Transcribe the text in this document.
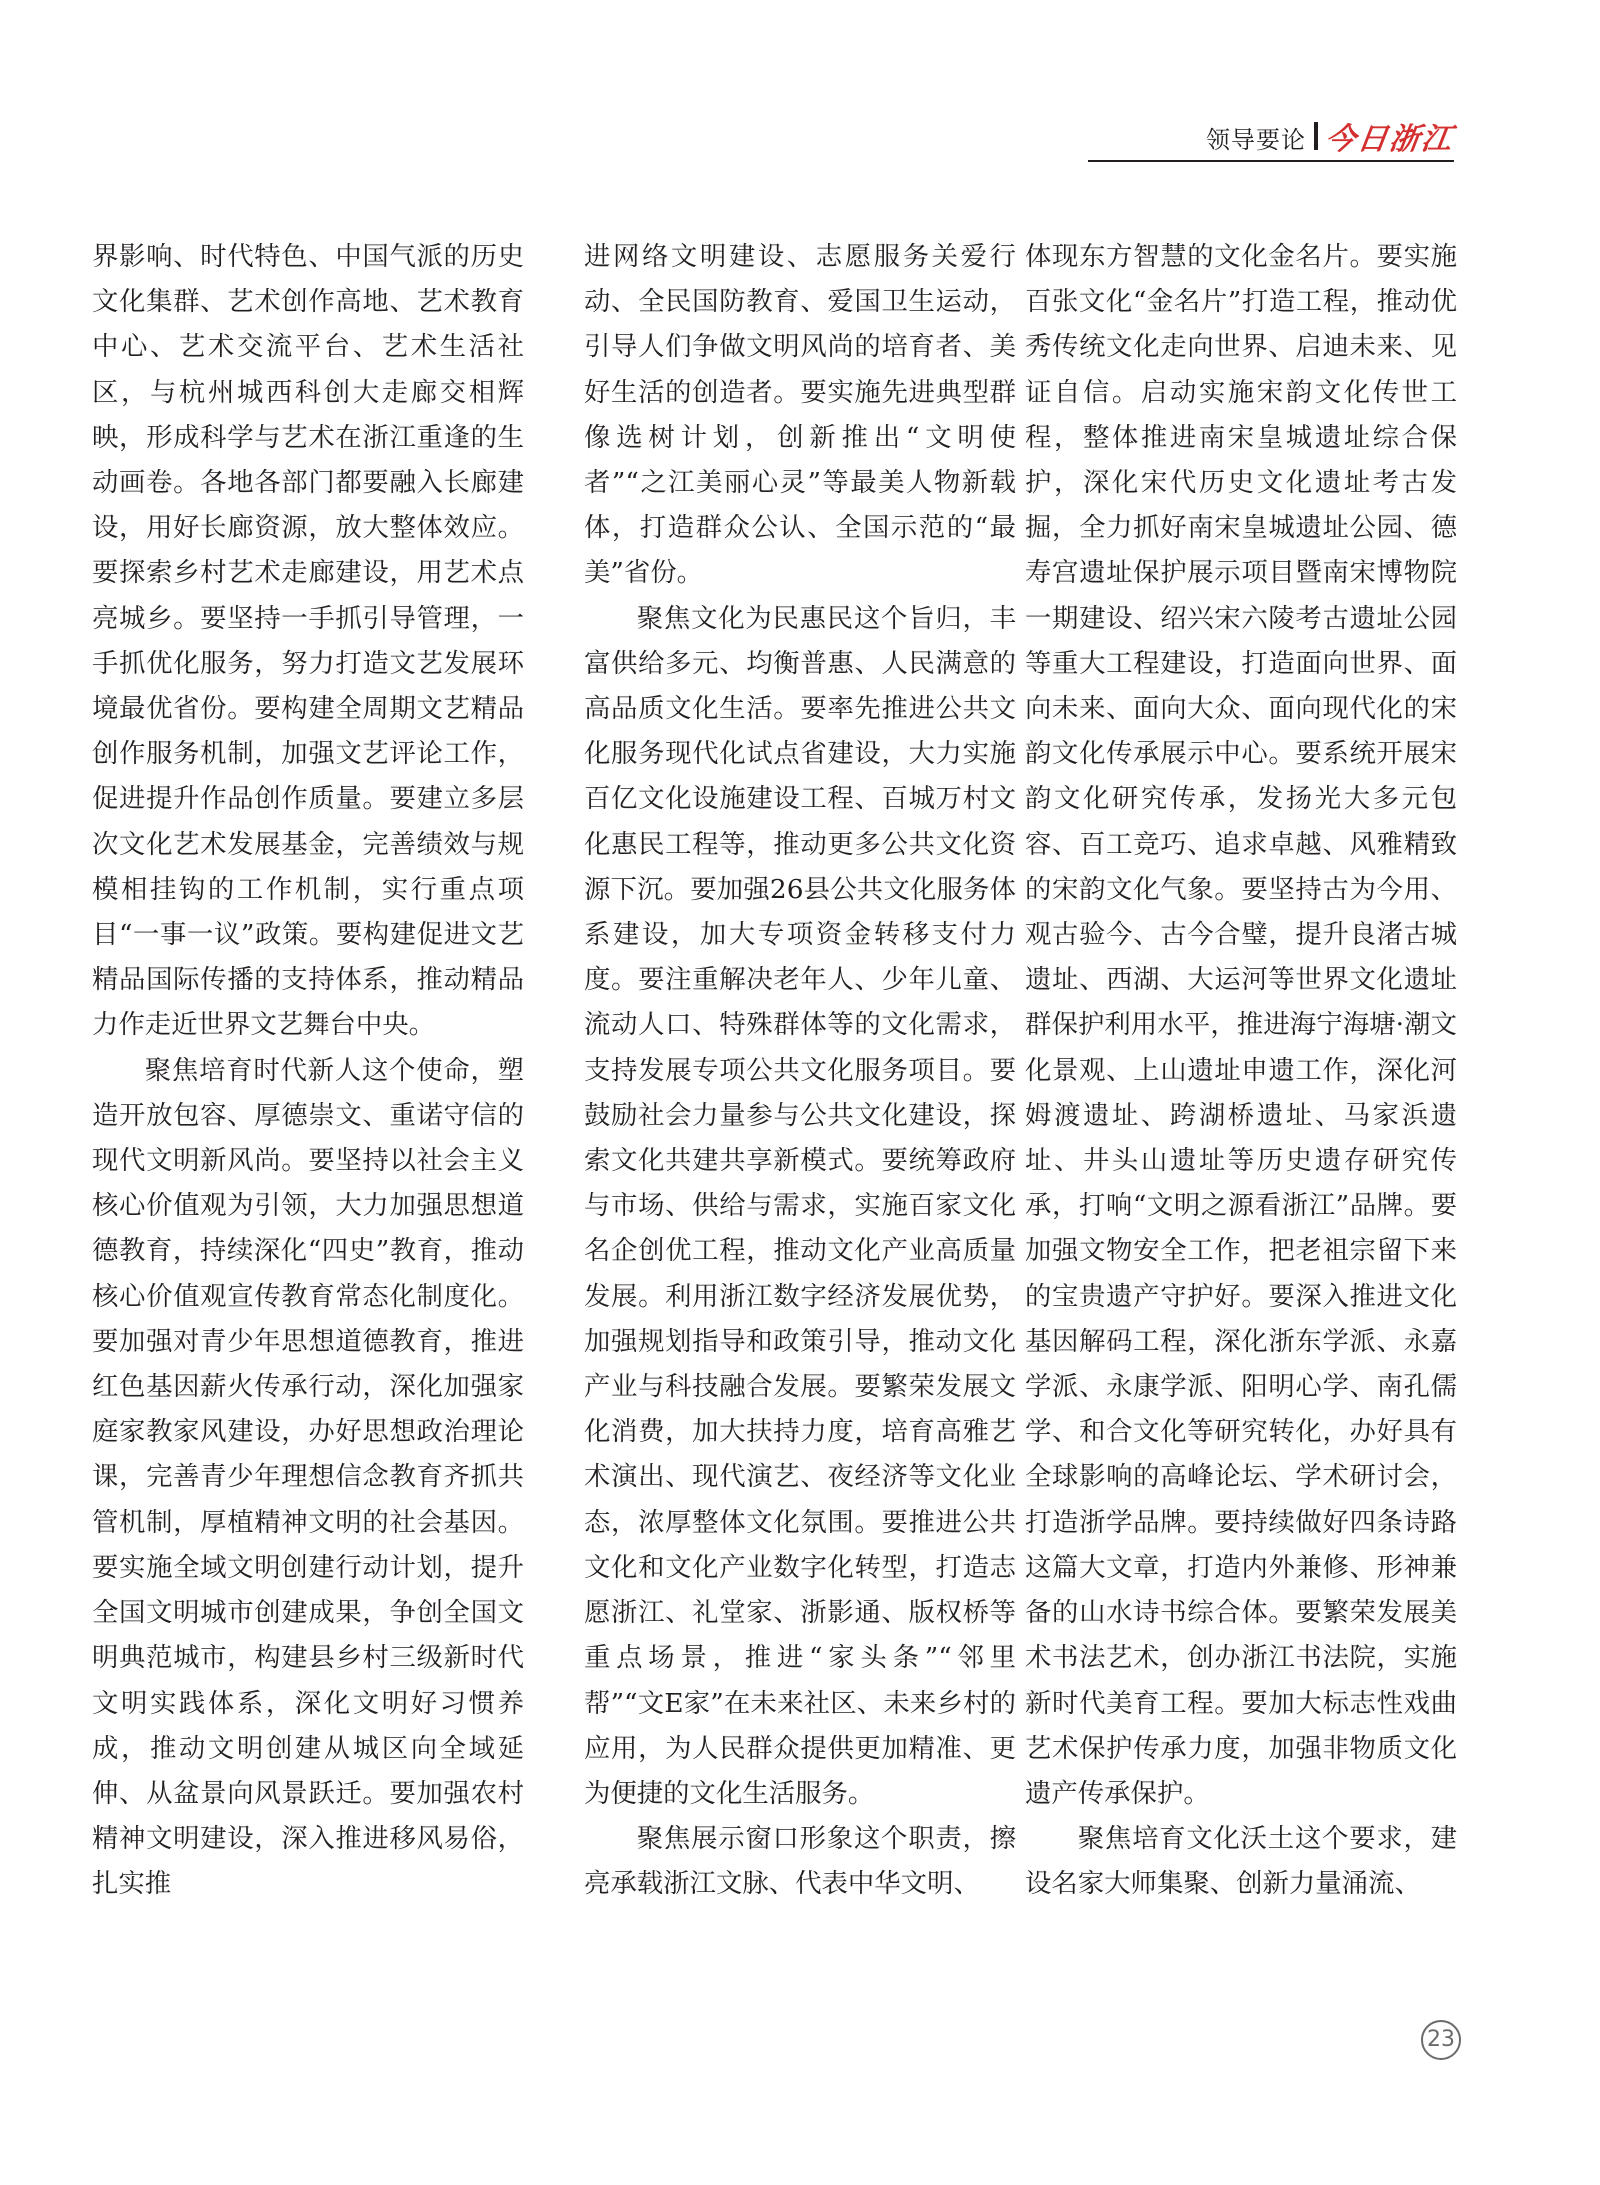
领导要论 今日浙江

界影响、时代特色、中国气派的历史文化集群、艺术创作高地、艺术教育中心、艺术交流平台、艺术生活社区，与杭州城西科创大走廊交相辉映，形成科学与艺术在浙江重逢的生动画卷。各地各部门都要融入长廊建设，用好长廊资源，放大整体效应。要探索乡村艺术走廊建设，用艺术点亮城乡。要坚持一手抓引导管理，一手抓优化服务，努力打造文艺发展环境最优省份。要构建全周期文艺精品创作服务机制，加强文艺评论工作，促进提升作品创作质量。要建立多层次文化艺术发展基金，完善绩效与规模相挂钩的工作机制，实行重点项目“一事一议”政策。要构建促进文艺精品国际传播的支持体系，推动精品力作走近世界文艺舞台中央。

聚焦培育时代新人这个使命，塑造开放包容、厚德崇文、重诺守信的现代文明新风尚。要坚持以社会主义核心价值观为引领，大力加强思想道德教育，持续深化“四史”教育，推动核心价值观宣传教育常态化制度化。要加强对青少年思想道德教育，推进红色基因薪火传承行动，深化加强家庭家教家风建设，办好思想政治理论课，完善青少年理想信念教育齐抓共管机制，厚植精神文明的社会基因。要实施全域文明创建行动计划，提升全国文明城市创建成果，争创全国文明典范城市，构建县乡村三级新时代文明实践体系，深化文明好习惯养成，推动文明创建从城区向全域延伸、从盆景向风景跃迁。要加强农村精神文明建设，深入推进移风易俗，扎实推

进网络文明建设、志愿服务关爱行动、全民国防教育、爱国卫生运动，引导人们争做文明风尚的培育者、美好生活的创造者。要实施先进典型群像选树计划，创新推出“文明使者”“之江美丽心灵”等最美人物新载体，打造群众公认、全国示范的“最美”省份。

聚焦文化为民惠民这个旨归，丰富供给多元、均衡普惠、人民满意的高品质文化生活。要率先推进公共文化服务现代化试点省建设，大力实施百亿文化设施建设工程、百城万村文化惠民工程等，推动更多公共文化资源下沉。要加强26县公共文化服务体系建设，加大专项资金转移支付力度。要注重解决老年人、少年儿童、流动人口、特殊群体等的文化需求，支持发展专项公共文化服务项目。要鼓励社会力量参与公共文化建设，探索文化共建共享新模式。要统筹政府与市场、供给与需求，实施百家文化名企创优工程，推动文化产业高质量发展。利用浙江数字经济发展优势，加强规划指导和政策引导，推动文化产业与科技融合发展。要繁荣发展文化消费，加大扶持力度，培育高雅艺术演出、现代演艺、夜经济等文化业态，浓厚整体文化氛围。要推进公共文化和文化产业数字化转型，打造志愿浙江、礼堂家、浙影通、版权桥等重点场景，推进“家头条”“邻里帮”“文E家”在未来社区、未来乡村的应用，为人民群众提供更加精准、更为便捷的文化生活服务。

聚焦展示窗口形象这个职责，擦亮承载浙江文脉、代表中华文明、

体现东方智慧的文化金名片。要实施百张文化“金名片”打造工程，推动优秀传统文化走向世界、启迪未来、见证自信。启动实施宋韵文化传世工程，整体推进南宋皇城遗址综合保护，深化宋代历史文化遗址考古发掘，全力抓好南宋皇城遗址公园、德寿宫遗址保护展示项目暨南宋博物院一期建设、绍兴宋六陵考古遗址公园等重大工程建设，打造面向世界、面向未来、面向大众、面向现代化的宋韵文化传承展示中心。要系统开展宋韵文化研究传承，发扬光大多元包容、百工竞巧、追求卓越、风雅精致的宋韵文化气象。要坚持古为今用、观古验今、古今合璧，提升良渚古城遗址、西湖、大运河等世界文化遗址群保护利用水平，推进海宁海塘·潮文化景观、上山遗址申遗工作，深化河姆渡遗址、跨湖桥遗址、马家浜遗址、井头山遗址等历史遗存研究传承，打响“文明之源看浙江”品牌。要加强文物安全工作，把老祖宗留下来的宝贵遗产守护好。要深入推进文化基因解码工程，深化浙东学派、永嘉学派、永康学派、阳明心学、南孔儒学、和合文化等研究转化，办好具有全球影响的高峰论坛、学术研讨会，打造浙学品牌。要持续做好四条诗路这篇大文章，打造内外兼修、形神兼备的山水诗书综合体。要繁荣发展美术书法艺术，创办浙江书法院，实施新时代美育工程。要加大标志性戏曲艺术保护传承力度，加强非物质文化遗产传承保护。

聚焦培育文化沃土这个要求，建设名家大师集聚、创新力量涌流、

23
